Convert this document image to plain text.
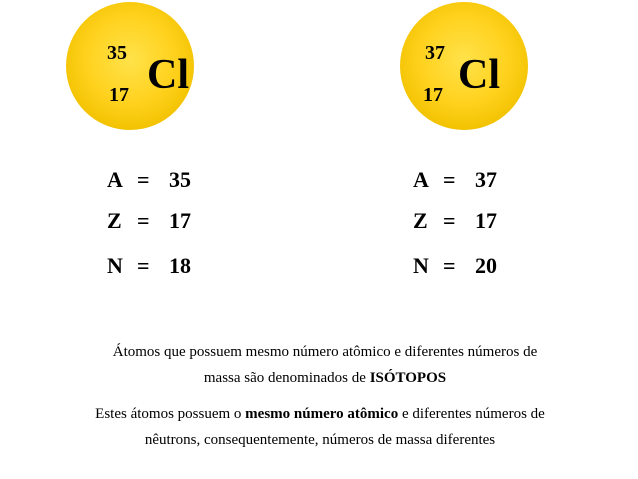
35
17 Cl	37
17 Cl
A = 35
Z = 17
N = 18
A = 37
Z = 17
N = 20
Átomos que possuem mesmo número atômico e diferentes números de
massa são denominados de ISÓTOPOS
Estes átomos possuem o mesmo número atômico e diferentes números de
nêutrons, consequentemente, números de massa diferentes
